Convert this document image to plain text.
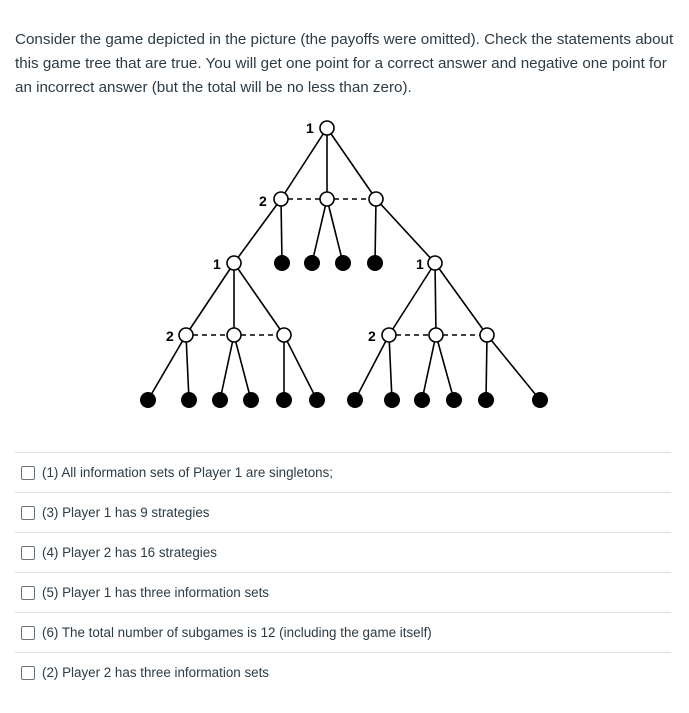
Consider the game depicted in the picture (the payoffs were omitted). Check the statements about this game tree that are true. You will get one point for a correct answer and negative one point for an incorrect answer (but the total will be no less than zero).

1
2
1	1
2	2
(1) All information sets of Player 1 are singletons;
(3) Player 1 has 9 strategies
(4) Player 2 has 16 strategies
(5) Player 1 has three information sets
(6) The total number of subgames is 12 (including the game itself)
(2) Player 2 has three information sets
